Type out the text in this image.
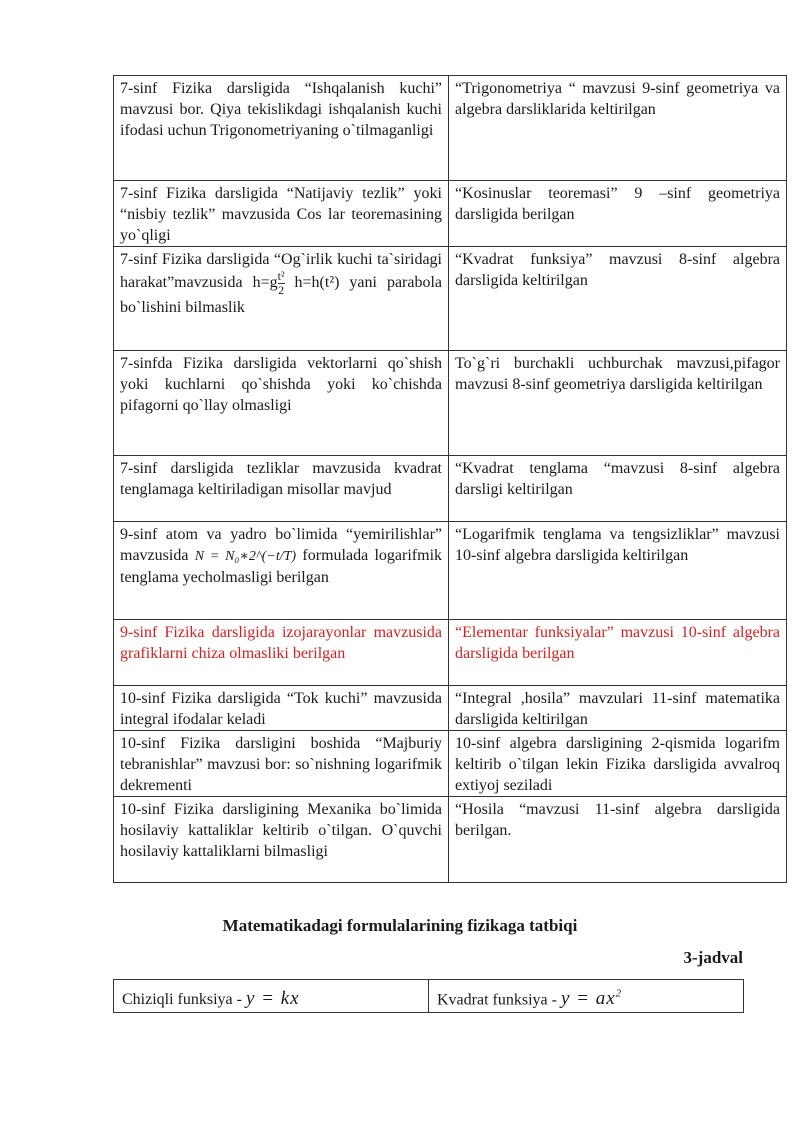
7-sinf Fizika darsligida “Ishqalanish kuchi” mavzusi bor. Qiya tekislikdagi ishqalanish kuchi ifodasi uchun Trigonometriyaning o`tilmaganligi	“Trigonometriya “ mavzusi 9-sinf geometriya va algebra darsliklarida keltirilgan
7-sinf Fizika darsligida “Natijaviy tezlik” yoki “nisbiy tezlik” mavzusida Cos lar teoremasining yo`qligi	“Kosinuslar teoremasi” 9 –sinf geometriya darsligida berilgan
7-sinf Fizika darsligida “Og`irlik kuchi ta`siridagi harakat”mavzusida $h=g \frac{\text{t²}}{2} h=h(t^2)$ yani parabola bo`lishini bilmaslik	“Kvadrat funksiya” mavzusi 8-sinf algebra darsligida keltirilgan
7-sinfda Fizika darsligida vektorlarni qo`shish yoki kuchlarni qo`shishda yoki ko`chishda pifagorni qo`llay olmasligi	To`g`ri burchakli uchburchak mavzusi,pifagor mavzusi 8-sinf geometriya darsligida keltirilgan
7-sinf darsligida tezliklar mavzusida kvadrat tenglamaga keltiriladigan misollar mavjud	“Kvadrat tenglama “mavzusi 8-sinf algebra darsligi keltirilgan
9-sinf atom va yadro bo`limida “yemirilishlar” mavzusida N = N₀∗2^(−t/T) formulada logarifmik tenglama yecholmasligi berilgan	“Logarifmik tenglama va tengsizliklar” mavzusi 10-sinf algebra darsligida keltirilgan
9-sinf Fizika darsligida izojarayonlar mavzusida grafiklarni chiza olmasliki berilgan	“Elementar funksiyalar” mavzusi 10-sinf algebra darsligida berilgan
10-sinf Fizika darsligida “Tok kuchi” mavzusida integral ifodalar keladi	“Integral ,hosila” mavzulari 11-sinf matematika darsligida keltirilgan
10-sinf Fizika darsligini boshida “Majburiy tebranishlar” mavzusi bor: so`nishning logarifmik dekrementi	10-sinf algebra darsligining 2-qismida logarifm keltirib o`tilgan lekin Fizika darsligida avvalroq extiyoj seziladi
10-sinf Fizika darsligining Mexanika bo`limida hosilaviy kattaliklar keltirib o`tilgan. O`quvchi hosilaviy kattaliklarni bilmasligi	“Hosila “mavzusi 11-sinf algebra darsligida berilgan.
Matematikadagi formulalarining fizikaga tatbiqi
3-jadval
Chiziqli funksiya - y = kx	Kvadrat funksiya - $y = ax^2$
